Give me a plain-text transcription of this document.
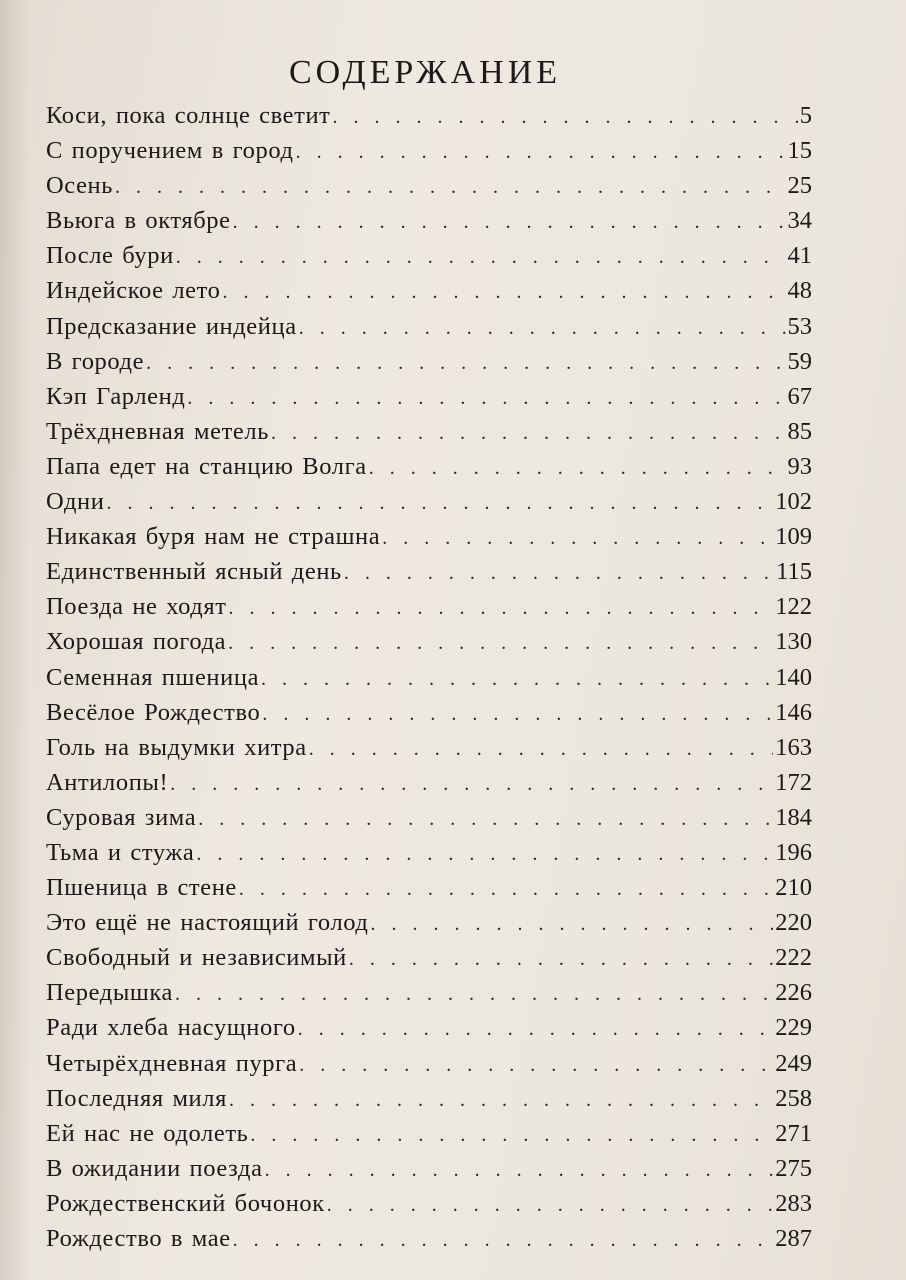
СОДЕРЖАНИЕ
Коси, пока солнце светит . . .	5
С поручением в город . . .	15
Осень . . .	25
Вьюга в октябре . . .	34
После бури . . .	41
Индейское лето . . .	48
Предсказание индейца . . .	53
В городе . . .	59
Кэп Гарленд . . .	67
Трёхдневная метель . . .	85
Папа едет на станцию Волга . . .	93
Одни . . .	102
Никакая буря нам не страшна . . .	109
Единственный ясный день . . .	115
Поезда не ходят . . .	122
Хорошая погода . . .	130
Семенная пшеница . . .	140
Весёлое Рождество . . .	146
Голь на выдумки хитра . . .	163
Антилопы! . . .	172
Суровая зима . . .	184
Тьма и стужа . . .	196
Пшеница в стене . . .	210
Это ещё не настоящий голод . . .	220
Свободный и независимый . . .	222
Передышка . . .	226
Ради хлеба насущного . . .	229
Четырёхдневная пурга . . .	249
Последняя миля . . .	258
Ей нас не одолеть . . .	271
В ожидании поезда . . .	275
Рождественский бочонок . . .	283
Рождество в мае . . .	287
